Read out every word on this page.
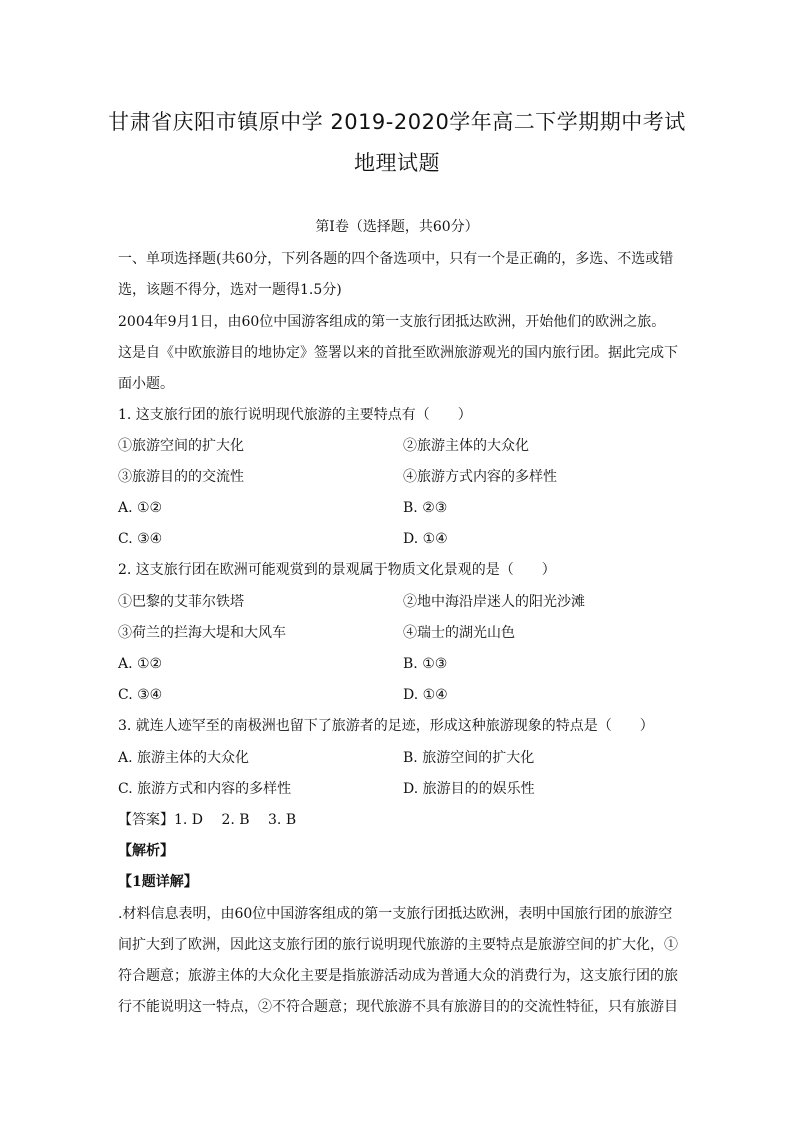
甘肃省庆阳市镇原中学 2019-2020学年高二下学期期中考试
地理试题
第Ⅰ卷（选择题，共60分）
一、单项选择题(共60分，下列各题的四个备选项中，只有一个是正确的，多选、不选或错
选，该题不得分，选对一题得1.5分)
2004年9月1日，由60位中国游客组成的第一支旅行团抵达欧洲，开始他们的欧洲之旅。
这是自《中欧旅游目的地协定》签署以来的首批至欧洲旅游观光的国内旅行团。据此完成下
面小题。
1. 这支旅行团的旅行说明现代旅游的主要特点有（　　）
①旅游空间的扩大化	②旅游主体的大众化
③旅游目的的交流性	④旅游方式内容的多样性
A. ①②	B. ②③
C. ③④	D. ①④
2. 这支旅行团在欧洲可能观赏到的景观属于物质文化景观的是（　　）
①巴黎的艾菲尔铁塔	②地中海沿岸迷人的阳光沙滩
③荷兰的拦海大堤和大风车	④瑞士的湖光山色
A. ①②	B. ①③
C. ③④	D. ①④
3. 就连人迹罕至的南极洲也留下了旅游者的足迹，形成这种旅游现象的特点是（　　）
A. 旅游主体的大众化	B. 旅游空间的扩大化
C. 旅游方式和内容的多样性	D. 旅游目的的娱乐性
【答案】1. D　 2. B　 3. B
【解析】
【1题详解】
.材料信息表明，由60位中国游客组成的第一支旅行团抵达欧洲，表明中国旅行团的旅游空
间扩大到了欧洲，因此这支旅行团的旅行说明现代旅游的主要特点是旅游空间的扩大化，①
符合题意；旅游主体的大众化主要是指旅游活动成为普通大众的消费行为，这支旅行团的旅
行不能说明这一特点，②不符合题意；现代旅游不具有旅游目的的交流性特征，只有旅游目
